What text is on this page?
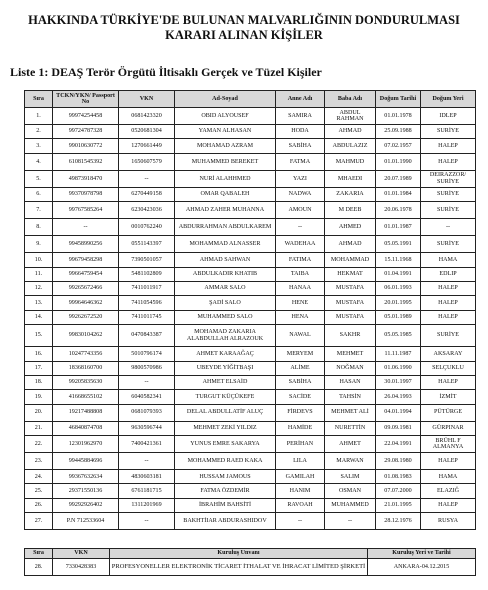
HAKKINDA TÜRKİYE'DE BULUNAN MALVARLIĞININ DONDURULMASI
KARARI ALINAN KİŞİLER
Liste 1: DEAŞ Terör Örgütü İltisaklı Gerçek ve Tüzel Kişiler
Sıra	TCKN/YKN/ Passport No	VKN	Ad-Soyad	Anne Adı	Baba Adı	Doğum Tarihi	Doğum Yeri
1.	99974254458	0681423320	OBID ALYOUSEF	SAMIRA	ABDUL RAHMAN	01.01.1978	IDLEP
2.	99724787328	0520681304	YAMAN ALHASAN	HODA	AHMAD	25.09.1988	SURİYE
3.	99010630772	1270661449	MOHAMAD AZRAM	SABİHA	ABDULAZIZ	07.02.1957	HALEP
4.	61081545392	1650607579	MUHAMMED BEREKET	FATMA	MAHMUD	01.01.1990	HALEP
5.	49873918470	--	NURİ ALAHHMED	YAZI	MHAEDI	20.07.1989	DEIRAZZOR/ SURİYE
6.	99370978798	6270449158	OMAR QABALEH	NADWA	ZAKARIA	01.01.1984	SURİYE
7.	99767585264	6230423036	AHMAD ZAHER MUHANNA	AMOUN	M DEEB	20.06.1978	SURİYE
8.	--	0010762240	ABDURRAHMAN ABDULKAREM	--	AHMED	01.01.1987	--
9.	99458990256	0551143397	MOHAMMAD ALNASSER	WADEHAA	AHMAD	05.05.1991	SURİYE
10.	99679458298	7390501057	AHMAD SAHWAN	FATIMA	MOHAMMAD	15.11.1968	HAMA
11.	99664759454	5481102809	ABDULKADIR KHATIB	TAIBA	HEKMAT	01.04.1991	EDLIP
12.	99265672466	7411011917	AMMAR SALO	HANAA	MUSTAFA	06.01.1993	HALEP
13.	99964646362	7411054596	ŞADİ SALO	HENE	MUSTAFA	20.01.1995	HALEP
14.	99262672520	7411011745	MUHAMMED SALO	HENA	MUSTAFA	05.01.1989	HALEP
15.	99830104262	0470843387	MOHAMAD ZAKARIA ALABDULLAH ALRAZOUK	NAWAL	SAKHR	05.05.1985	SURİYE
16.	10247743356	5010796174	AHMET KARAAĞAÇ	MERYEM	MEHMET	11.11.1987	AKSARAY
17.	18368160700	9800570986	UBEYDE YİĞİTBAŞI	ALİME	NOĞMAN	01.06.1990	SELÇUKLU
18.	99205835630	--	AHMET ELSAİD	SABİHA	HASAN	30.01.1997	HALEP
19.	41668655102	6040582341	TURGUT KÜÇÜKEFE	SACİDE	TAHSİN	26.04.1993	İZMİT
20.	19217488808	0681079393	DELAL ABDULLATİF ALUÇ	FİRDEVS	MEHMET ALİ	04.01.1994	PÜTÜRGE
21.	46840874708	9630596744	MEHMET ZEKİ YILDIZ	HAMİDE	NURETTİN	09.09.1981	GÜRPINAR
22.	12301962970	7400421361	YUNUS EMRE SAKARYA	PERİHAN	AHMET	22.04.1991	BRÜHL F ALMANYA
23.	99445884696	--	MOHAMMED RAED KAKA	LILA	MARWAN	29.08.1980	HALEP
24.	99367632634	4830603181	HUSSAM JAMOUS	GAMILAH	SALIM	01.08.1983	HAMA
25.	29371550136	6761181715	FATMA ÖZDEMİR	HANIM	OSMAN	07.07.2000	ELAZIĞ
26.	99292926402	1311201969	İBRAHİM BAHSİTİ	RAVOAH	MUHAMMED	21.01.1995	HALEP
27.	P.N 712533604	--	BAKHTİIAR ABDURASHIDOV	--	--	28.12.1976	RUSYA
Sıra	VKN	Kuruluş Unvanı	Kuruluş Yeri ve Tarihi
28.	7330428383	PROFESYONELLER ELEKTRONİK TİCARET İTHALAT VE İHRACAT LİMİTED ŞİRKETİ	ANKARA-04.12.2015
